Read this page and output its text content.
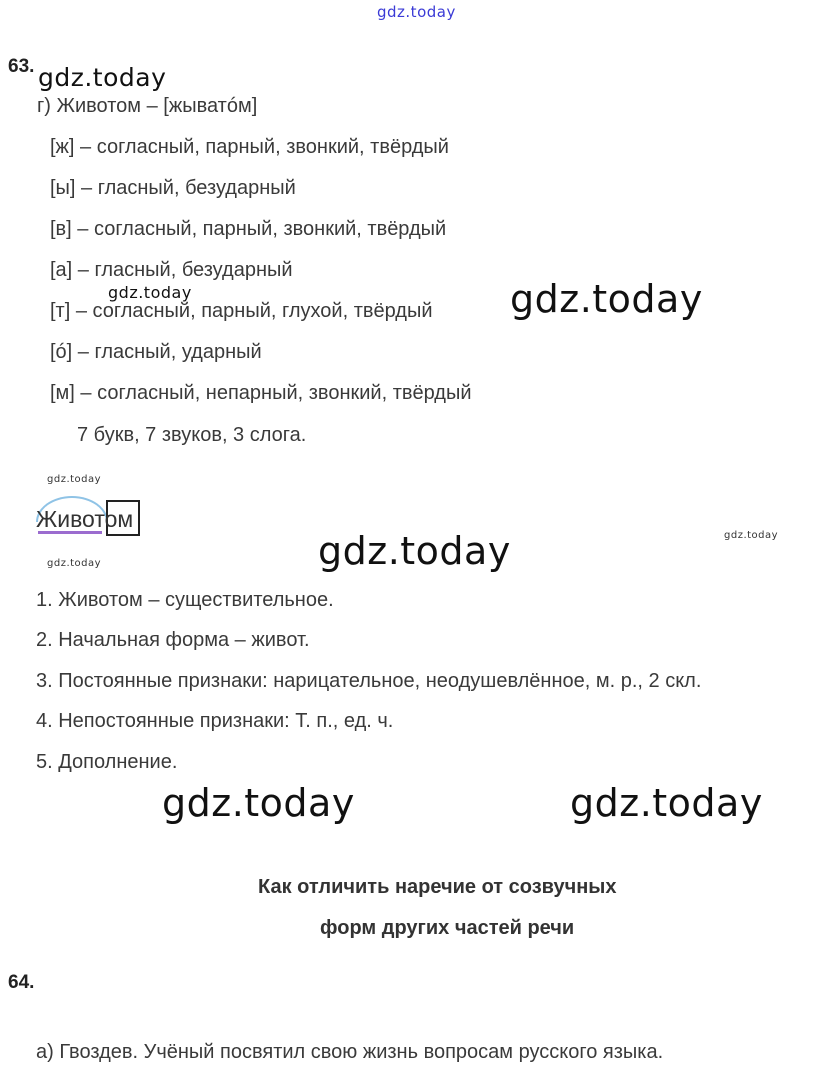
gdz.today
gdz.today
gdz.today	gdz.today
gdz.today
gdz.today	gdz.today
gdz.today
gdz.today	gdz.today
63.
г) Животом – [жыватóм]
[ж] – согласный, парный, звонкий, твёрдый
[ы] – гласный, безударный
[в] – согласный, парный, звонкий, твёрдый
[а] – гласный, безударный
[т] – согласный, парный, глухой, твёрдый
[ó] – гласный, ударный
[м] – согласный, непарный, звонкий, твёрдый
7 букв, 7 звуков, 3 слога.
Животом
1. Животом – существительное.
2. Начальная форма – живот.
3. Постоянные признаки: нарицательное, неодушевлённое, м. р., 2 скл.
4. Непостоянные признаки: Т. п., ед. ч.
5. Дополнение.
Как отличить наречие от созвучных
форм других частей речи
64.
а) Гвоздев. Учёный посвятил свою жизнь вопросам русского языка.
